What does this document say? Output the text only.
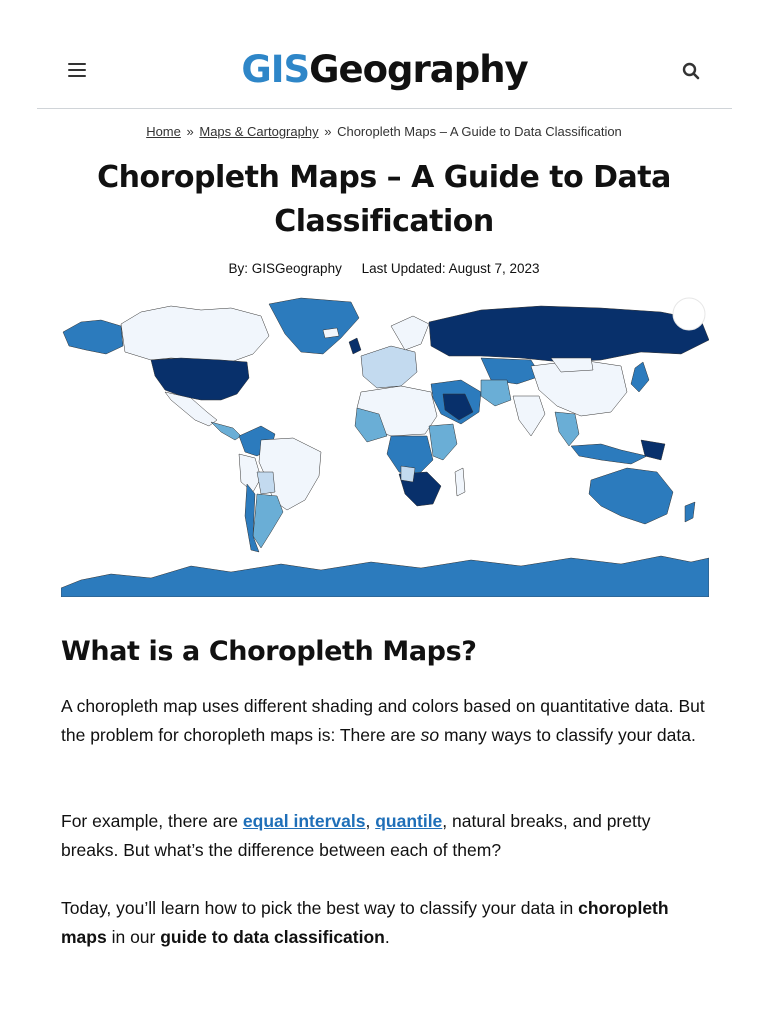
GISGeography
Home » Maps & Cartography » Choropleth Maps – A Guide to Data Classification
Choropleth Maps – A Guide to Data Classification
By: GISGeography Last Updated: August 7, 2023
What is a Choropleth Maps?
A choropleth map uses different shading and colors based on quantitative data. But the problem for choropleth maps is: There are so many ways to classify your data.
For example, there are equal intervals, quantile, natural breaks, and pretty breaks. But what’s the difference between each of them?
Today, you’ll learn how to pick the best way to classify your data in choropleth maps in our guide to data classification.
